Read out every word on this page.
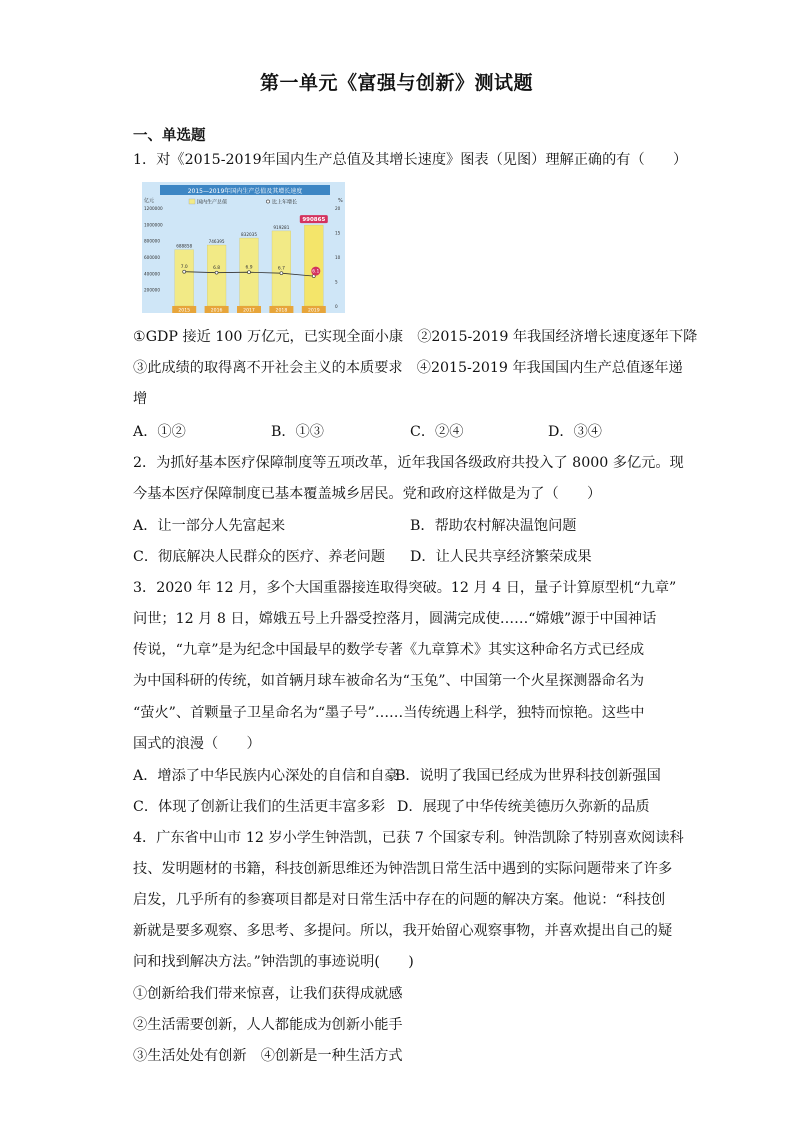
第一单元《富强与创新》测试题
一、单选题
1．对《2015-2019年国内生产总值及其增长速度》图表（见图）理解正确的有（　　）
2015—2019年国内生产总值及其增长速度
亿元	%
国内生产总值	比上年增长
1200000
1000000
800000
600000
400000
200000
20
15
10
5
0
688858
746395
832035
919281
990865
7.0	6.8	6.9	6.7
6.1
2015	2016	2017	2018	2019
①GDP 接近 100 万亿元，已实现全面小康　②2015-2019 年我国经济增长速度逐年下降
③此成绩的取得离不开社会主义的本质要求　④2015-2019 年我国国内生产总值逐年递
增
A．①②	B．①③	C．②④	D．③④
2．为抓好基本医疗保障制度等五项改革，近年我国各级政府共投入了 8000 多亿元。现
今基本医疗保障制度已基本覆盖城乡居民。党和政府这样做是为了（　　）
A．让一部分人先富起来	B．帮助农村解决温饱问题
C．彻底解决人民群众的医疗、养老问题 D．让人民共享经济繁荣成果
3．2020 年 12 月，多个大国重器接连取得突破。12 月 4 日，量子计算原型机“九章”
问世；12 月 8 日，嫦娥五号上升器受控落月，圆满完成使……“嫦娥”源于中国神话
传说，“九章”是为纪念中国最早的数学专著《九章算术》其实这种命名方式已经成
为中国科研的传统，如首辆月球车被命名为“玉兔”、中国第一个火星探测器命名为
“萤火”、首颗量子卫星命名为“墨子号”……当传统遇上科学，独特而惊艳。这些中
国式的浪漫（　　）
A．增添了中华民族内心深处的自信和自豪
B．说明了我国已经成为世界科技创新强国
C．体现了创新让我们的生活更丰富多彩 D．展现了中华传统美德历久弥新的品质
4．广东省中山市 12 岁小学生钟浩凯，已获 7 个国家专利。钟浩凯除了特别喜欢阅读科
技、发明题材的书籍，科技创新思维还为钟浩凯日常生活中遇到的实际问题带来了许多
启发，几乎所有的参赛项目都是对日常生活中存在的问题的解决方案。他说：“科技创
新就是要多观察、多思考、多提问。所以，我开始留心观察事物，并喜欢提出自己的疑
问和找到解决方法。”钟浩凯的事迹说明(　　)
①创新给我们带来惊喜，让我们获得成就感
②生活需要创新，人人都能成为创新小能手
③生活处处有创新　④创新是一种生活方式
